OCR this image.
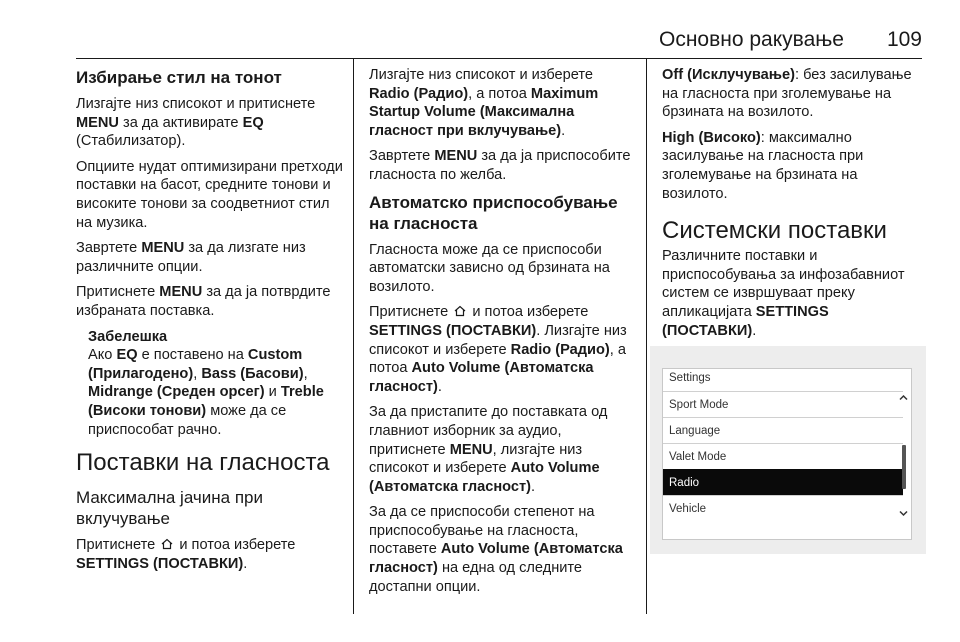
Основно ракување 109
Избирање стил на тонот

Лизгајте низ списокот и притиснете MENU за да активирате EQ (Стабилизатор).

Опциите нудат оптимизирани претходи поставки на басот, средните тонови и високите тонови за соодветниот стил на музика.

Завртете MENU за да лизгате низ различните опции.

Притиснете MENU за да ја потврдите избраната поставка.

Забелешка

Ако EQ е поставено на Custom (Прилагодено), Bass (Басови), Midrange (Среден орсег) и Treble (Високи тонови) може да се приспособат рачно.

Поставки на гласноста
Максимална јачина при вклучување

Притиснете  и потоа изберете SETTINGS (ПОСТАВКИ).

Лизгајте низ списокот и изберете Radio (Радио), а потоа Maximum Startup Volume (Максимална гласност при вклучување).

Завртете MENU за да ја приспособите гласноста по желба.

Автоматско приспособување на гласноста

Гласноста може да се приспособи автоматски зависно од брзината на возилото.

Притиснете  и потоа изберете SETTINGS (ПОСТАВКИ). Лизгајте низ списокот и изберете Radio (Радио), а потоа Auto Volume (Автоматска гласност).

За да пристапите до поставката од главниот изборник за аудио, притиснете MENU, лизгајте низ списокот и изберете Auto Volume (Автоматска гласност).

За да се приспособи степенот на приспособување на гласноста, поставете Auto Volume (Автоматска гласност) на една од следните достапни опции.

Off (Исклучување): без засилување на гласноста при зголемување на брзината на возилото.

High (Високо): максимално засилување на гласноста при зголемување на брзината на возилото.

Системски поставки

Различните поставки и приспособувања за инфозабавниот систем се извршуваат преку апликацијата SETTINGS (ПОСТАВКИ).

Settings
Sport Mode
Language
Valet Mode
Radio
Vehicle
